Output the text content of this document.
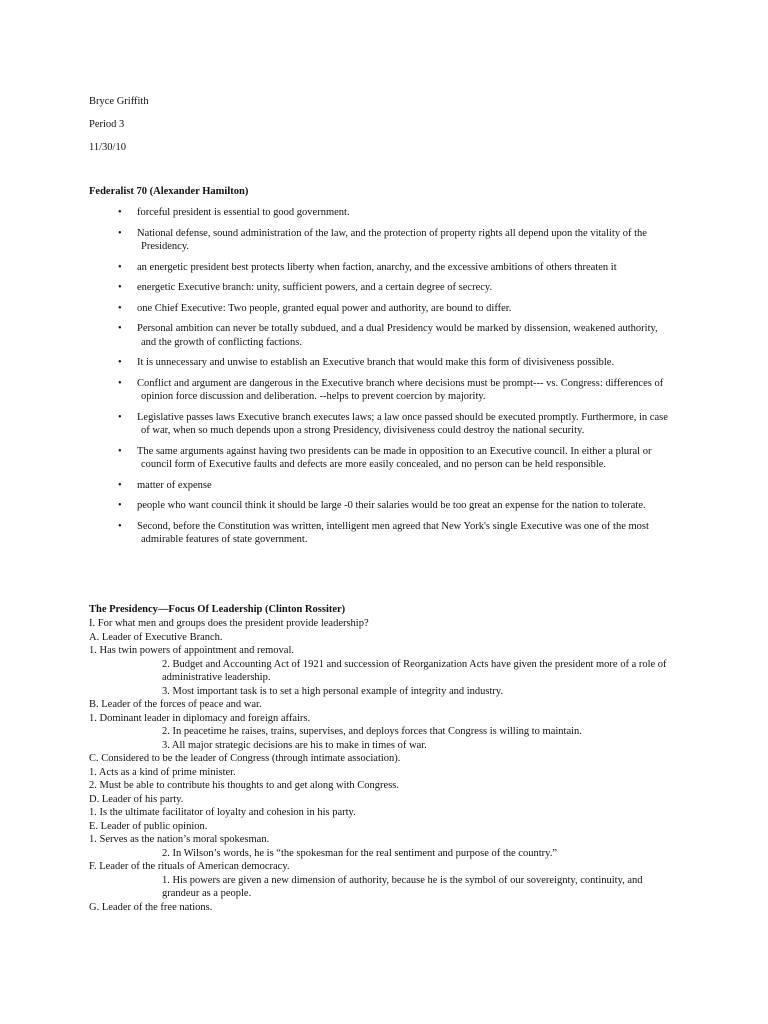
Bryce Griffith

Period 3

11/30/10

Federalist 70 (Alexander Hamilton)

• forceful president is essential to good government.
• National defense, sound administration of the law, and the protection of property rights all depend upon the vitality of the Presidency.
• an energetic president best protects liberty when faction, anarchy, and the excessive ambitions of others threaten it
• energetic Executive branch: unity, sufficient powers, and a certain degree of secrecy.
• one Chief Executive: Two people, granted equal power and authority, are bound to differ.
• Personal ambition can never be totally subdued, and a dual Presidency would be marked by dissension, weakened authority, and the growth of conflicting factions.
• It is unnecessary and unwise to establish an Executive branch that would make this form of divisiveness possible.
• Conflict and argument are dangerous in the Executive branch where decisions must be prompt--- vs. Congress: differences of opinion force discussion and deliberation. --helps to prevent coercion by majority.
• Legislative passes laws Executive branch executes laws; a law once passed should be executed promptly. Furthermore, in case of war, when so much depends upon a strong Presidency, divisiveness could destroy the national security.
• The same arguments against having two presidents can be made in opposition to an Executive council. In either a plural or council form of Executive faults and defects are more easily concealed, and no person can be held responsible.
• matter of expense
• people who want council think it should be large -0 their salaries would be too great an expense for the nation to tolerate.
• Second, before the Constitution was written, intelligent men agreed that New York's single Executive was one of the most admirable features of state government.

The Presidency—Focus Of Leadership (Clinton Rossiter)

I. For what men and groups does the president provide leadership?

A. Leader of Executive Branch.

1. Has twin powers of appointment and removal.

2. Budget and Accounting Act of 1921 and succession of Reorganization Acts have given the president more of a role of administrative leadership.

3. Most important task is to set a high personal example of integrity and industry.

B. Leader of the forces of peace and war.

1. Dominant leader in diplomacy and foreign affairs.

2. In peacetime he raises, trains, supervises, and deploys forces that Congress is willing to maintain.

3. All major strategic decisions are his to make in times of war.

C. Considered to be the leader of Congress (through intimate association).

1. Acts as a kind of prime minister.

2. Must be able to contribute his thoughts to and get along with Congress.

D. Leader of his party.

1. Is the ultimate facilitator of loyalty and cohesion in his party.

E. Leader of public opinion.

1. Serves as the nation’s moral spokesman.

2. In Wilson’s words, he is “the spokesman for the real sentiment and purpose of the country.”

F. Leader of the rituals of American democracy.

1. His powers are given a new dimension of authority, because he is the symbol of our sovereignty, continuity, and grandeur as a people.

G. Leader of the free nations.
